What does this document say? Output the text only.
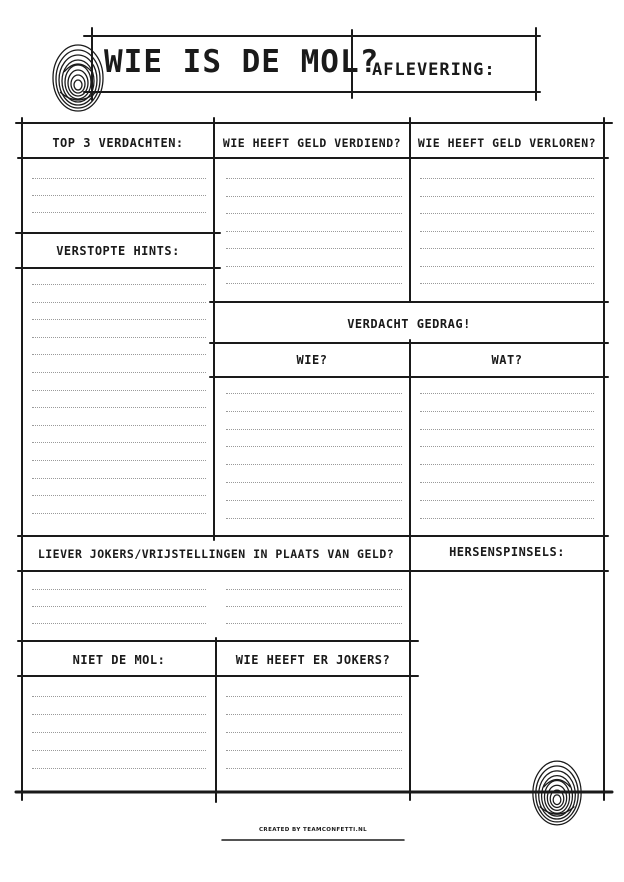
WIE IS DE MOL?
AFLEVERING:
TOP 3 VERDACHTEN:	WIE HEEFT GELD VERDIEND?	WIE HEEFT GELD VERLOREN?
VERSTOPTE HINTS:
VERDACHT GEDRAG!
WIE?	WAT?
LIEVER JOKERS/VRIJSTELLINGEN IN PLAATS VAN GELD?	HERSENSPINSELS:
NIET DE MOL:	WIE HEEFT ER JOKERS?
CREATED BY TEAMCONFETTI.NL
